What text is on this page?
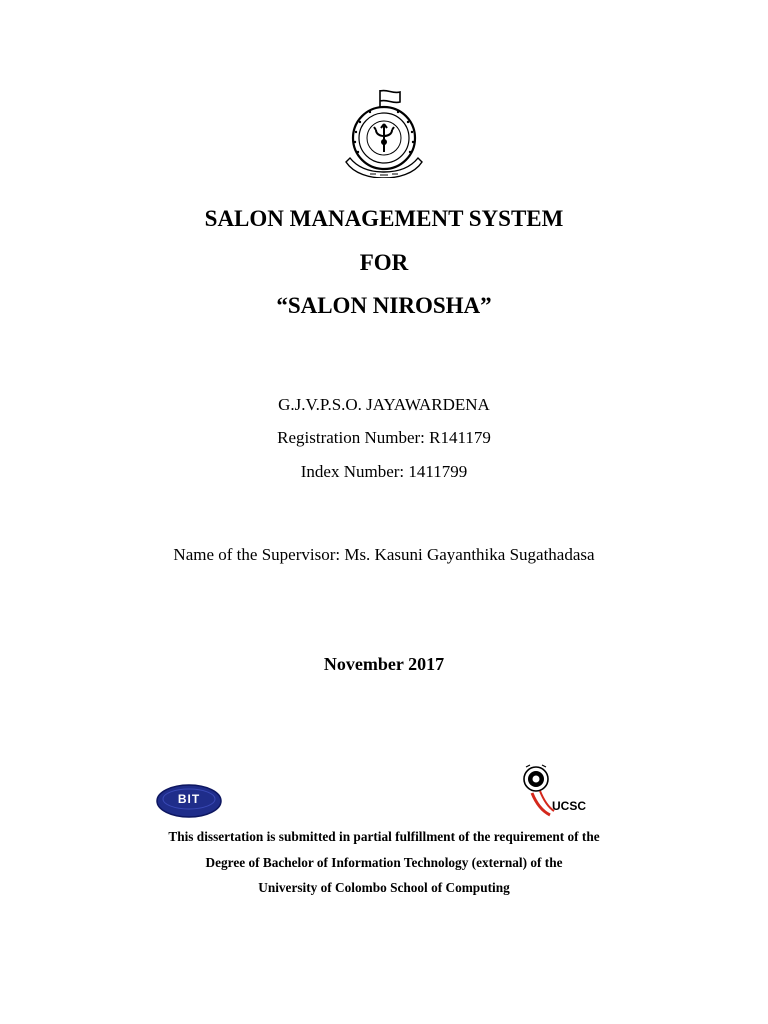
SALON MANAGEMENT SYSTEM
FOR
“SALON NIROSHA”
G.J.V.P.S.O. JAYAWARDENA
Registration Number: R141179
Index Number: 1411799
Name of the Supervisor: Ms. Kasuni Gayanthika Sugathadasa
November 2017
BIT	UCSC
This dissertation is submitted in partial fulfillment of the requirement of the
Degree of Bachelor of Information Technology (external) of the
University of Colombo School of Computing
